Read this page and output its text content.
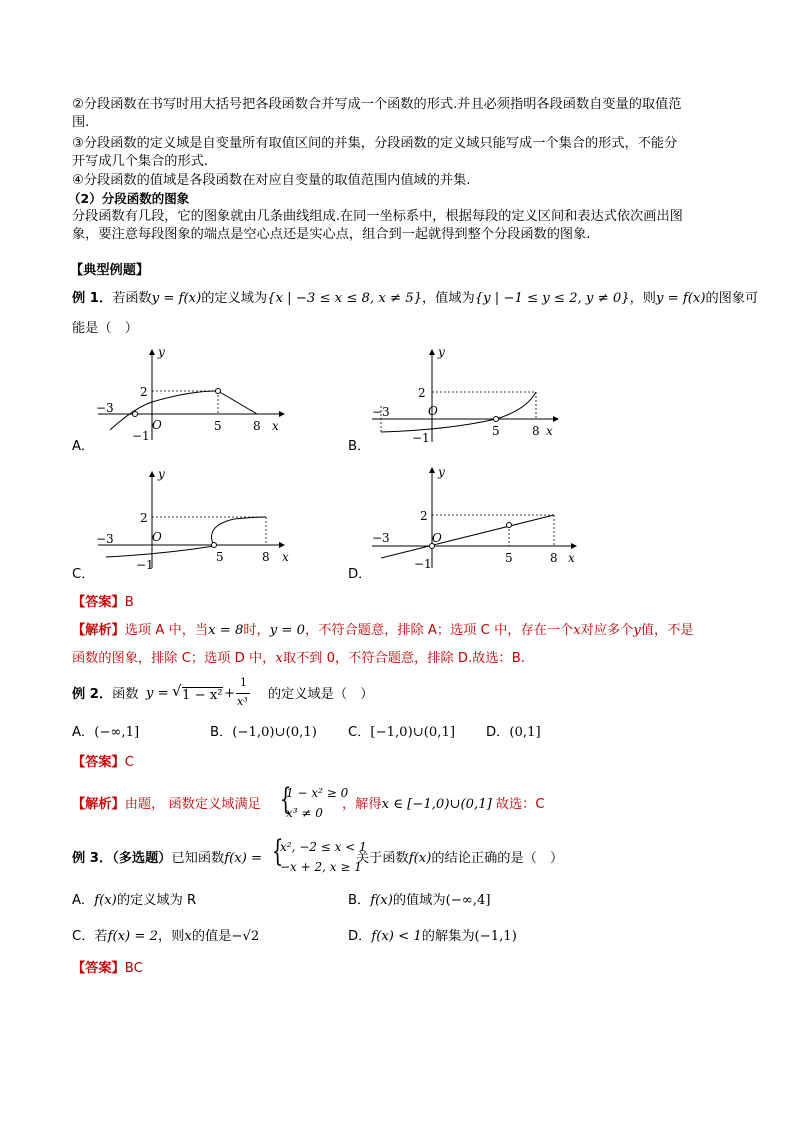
②分段函数在书写时用大括号把各段函数合并写成一个函数的形式.并且必须指明各段函数自变量的取值范
围.
③分段函数的定义域是自变量所有取值区间的并集，分段函数的定义域只能写成一个集合的形式，不能分
开写成几个集合的形式.
④分段函数的值域是各段函数在对应自变量的取值范围内值域的并集.
（2）分段函数的图象
分段函数有几段，它的图象就由几条曲线组成.在同一坐标系中，根据每段的定义区间和表达式依次画出图
象，要注意每段图象的端点是空心点还是实心点，组合到一起就得到整个分段函数的图象.
【典型例题】
例 1．若函数y = f(x)的定义域为{x | −3 ≤ x ≤ 8, x ≠ 5}，值域为{y | −1 ≤ y ≤ 2, y ≠ 0}，则y = f(x)的图象可
能是（　）
y
2
−3
O
−1
5	8 x
A．
y
2
−3	O
−1	5	8 x
B．
y
2
−3	O
−1
5	8 x
C．
y
2
−3	O
−1	5	8 x
D．
【答案】B
【解析】选项 A 中，当x = 8时，y = 0，不符合题意，排除 A；选项 C 中，存在一个x对应多个y值，不是
函数的图象，排除 C；选项 D 中，x取不到 0，不符合题意，排除 D.故选：B.
例 2．函数 y = √ 1 − x² +
1
x³ 的定义域是（　）
A．(−∞,1]	B．(−1,0)∪(0,1) C．[−1,0)∪(0,1] D．(0,1]
【答案】C
【解析】由题， 函数定义域满足 {
1 − x² ≥ 0
x³ ≠ 0
，解得x ∈ [−1,0)∪(0,1] 故选：C
例 3．（多选题）已知函数f(x) = {
x², −2 ≤ x < 1
−x + 2, x ≥ 1
关于函数f(x)的结论正确的是（　）
A．f(x)的定义域为 R	B．f(x)的值域为(−∞,4]
C．若f(x) = 2，则x的值是−√2	D．f(x) < 1的解集为(−1,1)
【答案】BC
